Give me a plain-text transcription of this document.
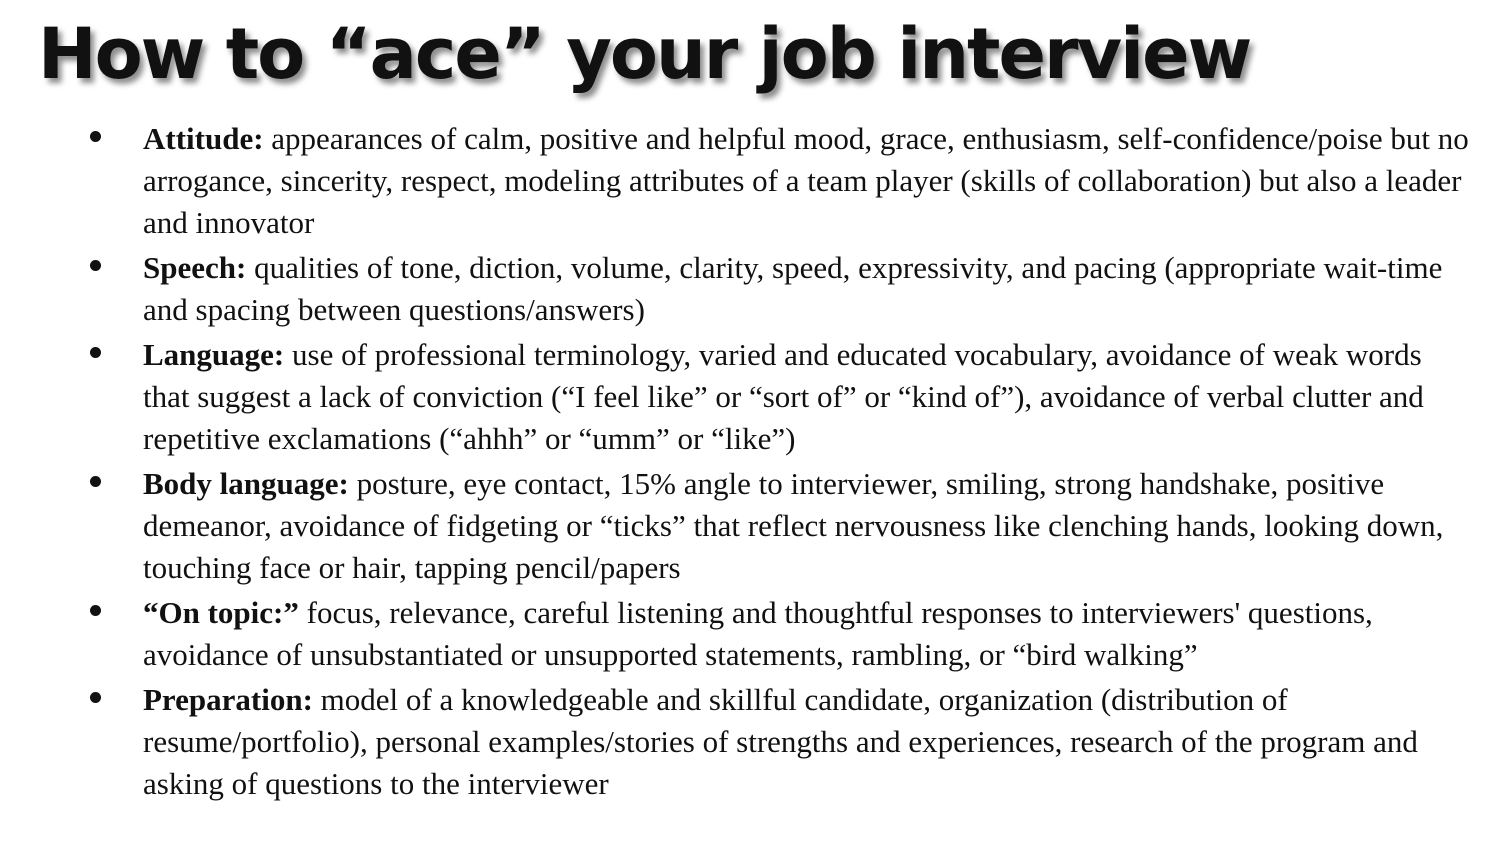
How to “ace” your job interview
Attitude: appearances of calm, positive and helpful mood, grace, enthusiasm, self-confidence/poise but no arrogance, sincerity, respect, modeling attributes of a team player (skills of collaboration) but also a leader and innovator
Speech: qualities of tone, diction, volume, clarity, speed, expressivity, and pacing (appropriate wait-time and spacing between questions/answers)
Language: use of professional terminology, varied and educated vocabulary, avoidance of weak words that suggest a lack of conviction (“I feel like” or “sort of” or “kind of”), avoidance of verbal clutter and repetitive exclamations (“ahhh” or “umm” or “like”)
Body language: posture, eye contact, 15% angle to interviewer, smiling, strong handshake, positive demeanor, avoidance of fidgeting or “ticks” that reflect nervousness like clenching hands, looking down, touching face or hair, tapping pencil/papers
“On topic:” focus, relevance, careful listening and thoughtful responses to interviewers' questions, avoidance of unsubstantiated or unsupported statements, rambling, or “bird walking”
Preparation: model of a knowledgeable and skillful candidate, organization (distribution of resume/portfolio), personal examples/stories of strengths and experiences, research of the program and asking of questions to the interviewer
